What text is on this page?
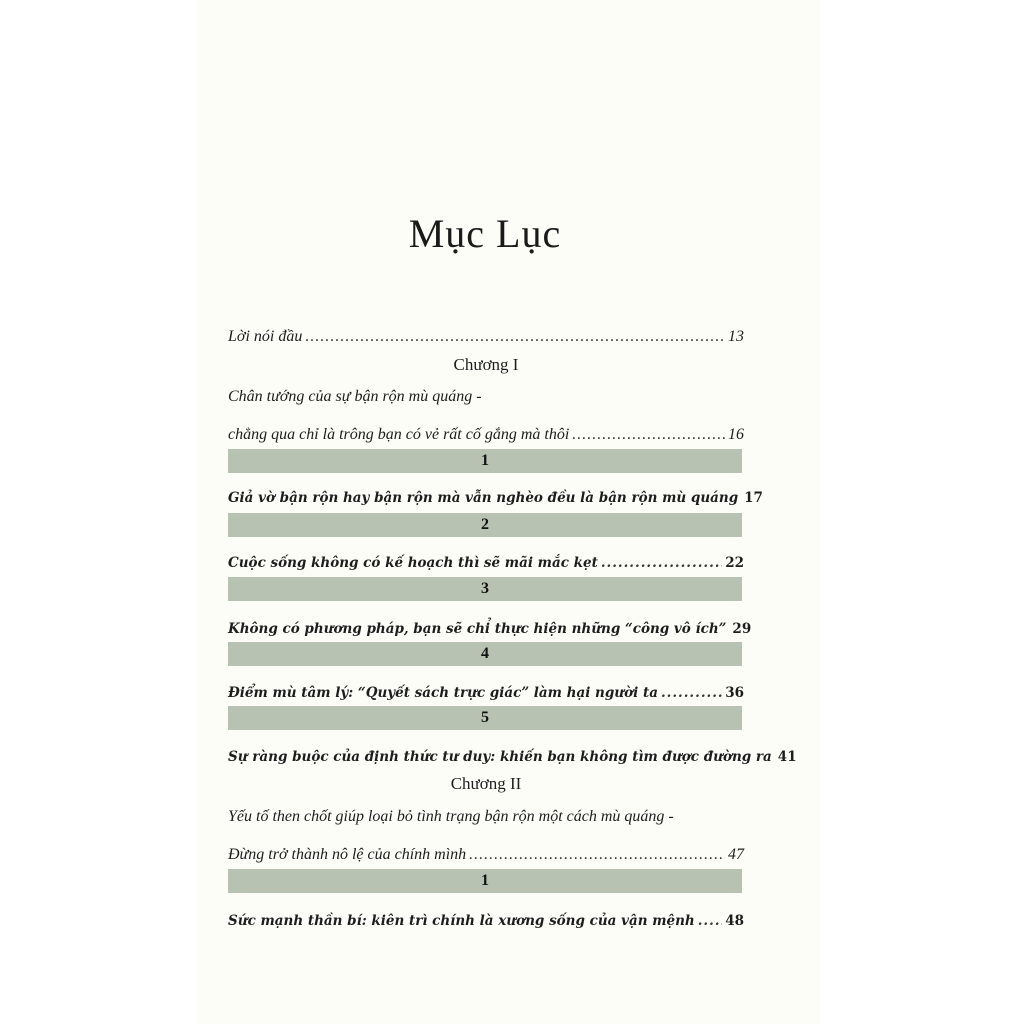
Mục Lục
Lời nói đầu .....	13
Chương I
Chân tướng của sự bận rộn mù quáng -
chẳng qua chỉ là trông bạn có vẻ rất cố gắng mà thôi .....	16
1
Giả vờ bận rộn hay bận rộn mà vẫn nghèo đều là bận rộn mù quáng 17
2
Cuộc sống không có kế hoạch thì sẽ mãi mắc kẹt .....	22
3
Không có phương pháp, bạn sẽ chỉ thực hiện những “công vô ích” 29
4
Điểm mù tâm lý: “Quyết sách trực giác” làm hại người ta .....	36
5
Sự ràng buộc của định thức tư duy: khiến bạn không tìm được đường ra 41
Chương II
Yếu tố then chốt giúp loại bỏ tình trạng bận rộn một cách mù quáng -
Đừng trở thành nô lệ của chính mình .....	47
1
Sức mạnh thần bí: kiên trì chính là xương sống của vận mệnh ..... 48
